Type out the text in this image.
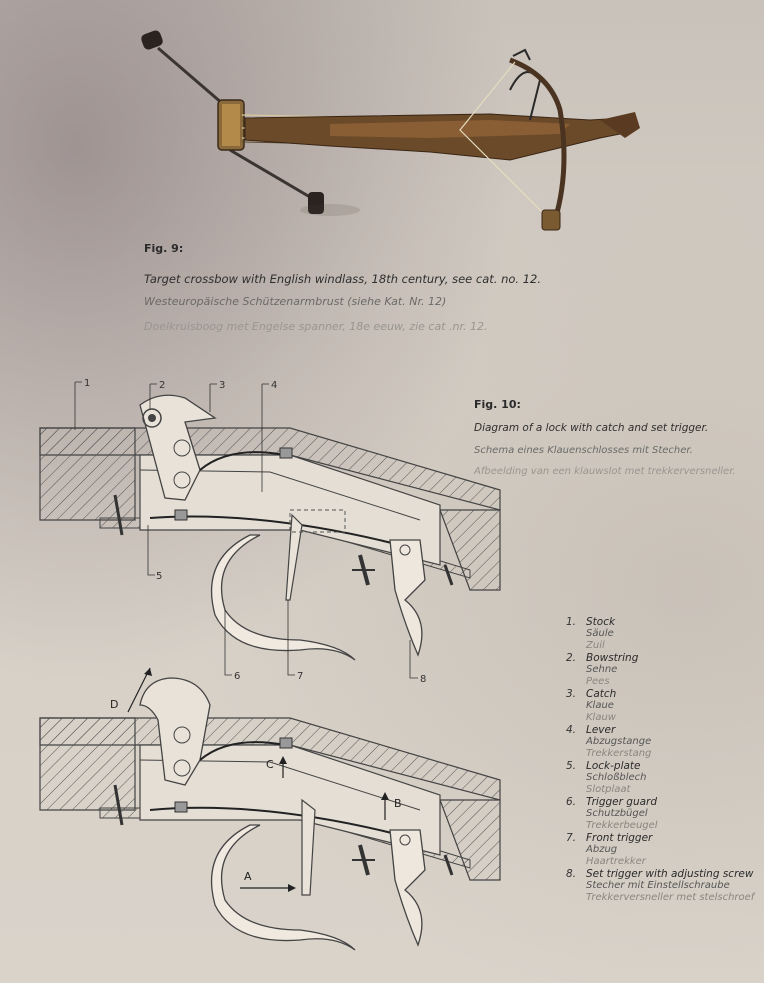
Fig. 9:
Target crossbow with English windlass, 18th century, see cat. no. 12.
Westeuropäische Schützenarmbrust (siehe Kat. Nr. 12)
Doelkruisboog met Engelse spanner, 18e eeuw, zie cat .nr. 12.
Fig. 10:
Diagram of a lock with catch and set trigger.
Schema eines Klauenschlosses mit Stecher.
Afbeelding van een klauwslot met trekkerversneller.
1	2	3	4
5
6	7	8
D
C
B
A
1. Stock
Säule
Zuil
2. Bowstring
Sehne
Pees
3. Catch
Klaue
Klauw
4. Lever
Abzugstange
Trekkerstang
5. Lock-plate
Schloßblech
Slotplaat
6. Trigger guard
Schutzbügel
Trekkerbeugel
7. Front trigger
Abzug
Haartrekker
8. Set trigger with adjusting screw
Stecher mit Einstellschraube
Trekkerversneller met stelschroef
